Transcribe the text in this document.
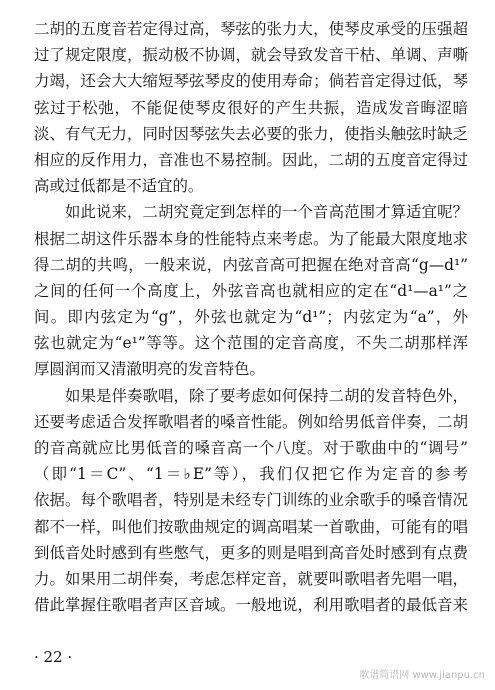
二胡的五度音若定得过高，琴弦的张力大，使琴皮承受的压强超
过了规定限度，振动极不协调，就会导致发音干枯、单调、声嘶
力竭，还会大大缩短琴弦琴皮的使用寿命；倘若音定得过低，琴
弦过于松弛，不能促使琴皮很好的产生共振，造成发音晦涩暗
淡、有气无力，同时因琴弦失去必要的张力，使指头触弦时缺乏
相应的反作用力，音准也不易控制。因此，二胡的五度音定得过
高或过低都是不适宜的。
如此说来，二胡究竟定到怎样的一个音高范围才算适宜呢？
根据二胡这件乐器本身的性能特点来考虑。为了能最大限度地求
得二胡的共鸣，一般来说，内弦音高可把握在绝对音高“g—d¹”
之间的任何一个高度上，外弦音高也就相应的定在“d¹—a¹”之
间。即内弦定为“g”，外弦也就定为“d¹”；内弦定为“a”，外
弦也就定为“e¹”等等。这个范围的定音高度，不失二胡那样浑
厚圆润而又清澈明亮的发音特色。
如果是伴奏歌唱，除了要考虑如何保持二胡的发音特色外，
还要考虑适合发挥歌唱者的嗓音性能。例如给男低音伴奏，二胡
的音高就应比男低音的嗓音高一个八度。对于歌曲中的“调号”
（即“1＝C”、“1＝♭E”等），我们仅把它作为定音的参考
依据。每个歌唱者，特别是未经专门训练的业余歌手的嗓音情况
都不一样，叫他们按歌曲规定的调高唱某一首歌曲，可能有的唱
到低音处时感到有些憋气，更多的则是唱到高音处时感到有点费
力。如果用二胡伴奏，考虑怎样定音，就要叫歌唱者先唱一唱，
借此掌握住歌唱者声区音域。一般地说，利用歌唱者的最低音来
· 22 ·
歌谱简谱网 www.jianpu.cn
